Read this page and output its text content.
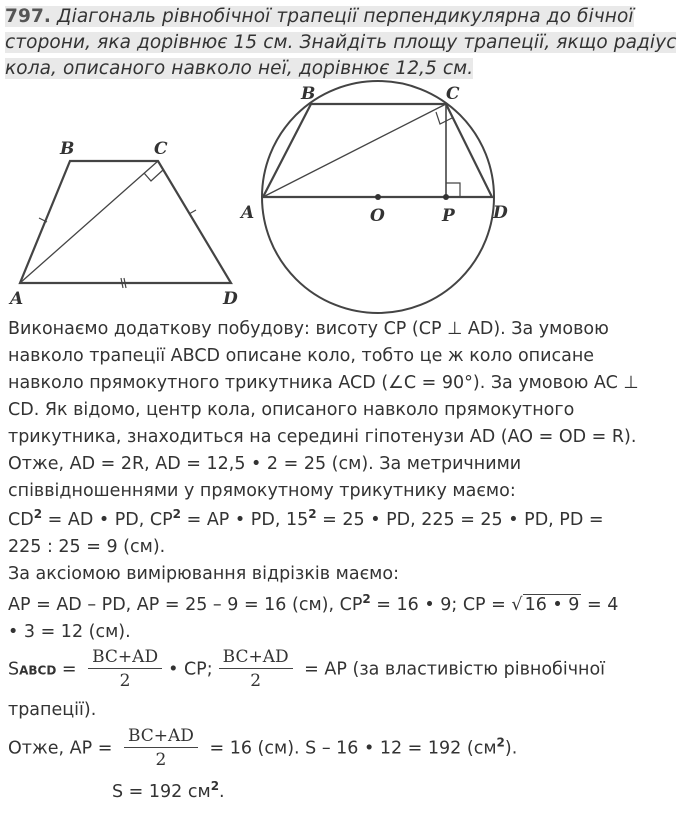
797. Діагональ рівнобічної трапеції перпендикулярна до бічної

сторони, яка дорівнює 15 см. Знайдіть площу трапеції, якщо радіус

кола, описаного навколо неї, дорівнює 12,5 см.

B	C
A	D
B	C
A	O	P D
Виконаємо додаткову побудову: висоту CP (CP ⊥ AD). За умовою
навколо трапеції ABCD описане коло, тобто це ж коло описане
навколо прямокутного трикутника ACD (∠C = 90°). За умовою AC ⊥
CD. Як відомо, центр кола, описаного навколо прямокутного
трикутника, знаходиться на середині гіпотенузи AD (AO = OD = R).
Отже, AD = 2R, AD = 12,5 • 2 = 25 (см). За метричними
співвідношеннями у прямокутному трикутнику маємо:
$CD^2$ = AD • PD, $CP^2$ = AP • PD, $15^2 = 25$ • PD, 225 = 25 • PD, PD =
225 : 25 = 9 (см).
За аксіомою вимірювання відрізків маємо:
AP = AD – PD, AP = 25 – 9 = 16 (см), $CP^2 = 16$ • 9; CP = √ 16 • 9 = 4
• 3 = 12 (см).
SABCD = $\frac{BC+AD}{2}$ • CP; $\frac{BC+AD}{2}$ = AP (за властивістю рівнобічної
трапеції).
Отже, AP = $\frac{BC+AD}{2} = 16$ (см). S – 16 • 12 = 192 $(см^2)$.
S = 192 $см^2$.
